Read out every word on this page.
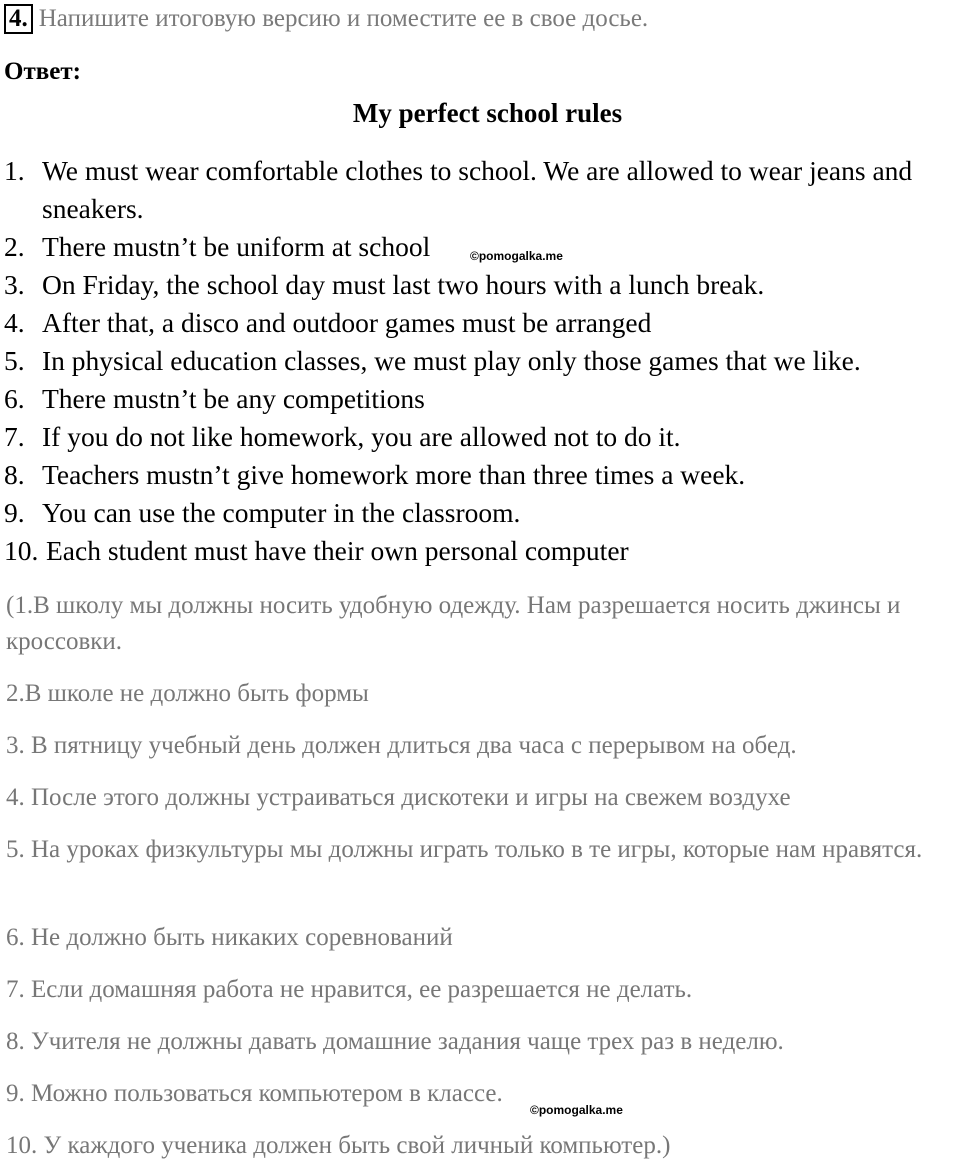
4. Напишите итоговую версию и поместите ее в свое досье.
Ответ:
My perfect school rules
1. We must wear comfortable clothes to school. We are allowed to wear jeans and
sneakers.
2. There mustn’t be uniform at school
3. On Friday, the school day must last two hours with a lunch break.
4. After that, a disco and outdoor games must be arranged
5. In physical education classes, we must play only those games that we like.
6. There mustn’t be any competitions
7. If you do not like homework, you are allowed not to do it.
8. Teachers mustn’t give homework more than three times a week.
9. You can use the computer in the classroom.
10. Each student must have their own personal computer
(1.В школу мы должны носить удобную одежду. Нам разрешается носить джинсы и кроссовки.
2.В школе не должно быть формы
3. В пятницу учебный день должен длиться два часа с перерывом на обед.
4. После этого должны устраиваться дискотеки и игры на свежем воздухе
5. На уроках физкультуры мы должны играть только в те игры, которые нам нравятся.
6. Не должно быть никаких соревнований
7. Если домашняя работа не нравится, ее разрешается не делать.
8. Учителя не должны давать домашние задания чаще трех раз в неделю.
9. Можно пользоваться компьютером в классе.
10. У каждого ученика должен быть свой личный компьютер.)
©pomogalka.me
©pomogalka.me
